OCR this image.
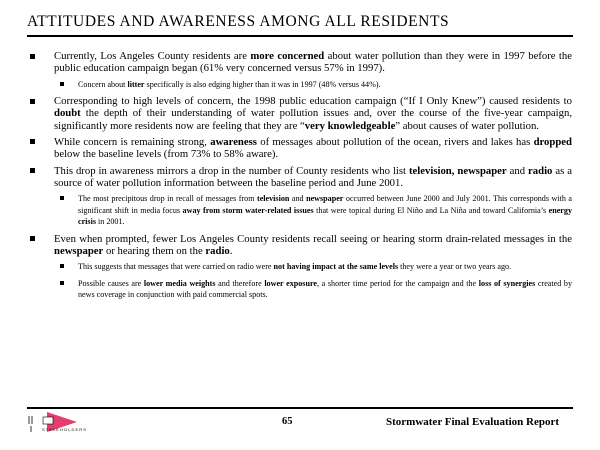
ATTITUDES AND AWARENESS AMONG ALL RESIDENTS
Currently, Los Angeles County residents are more concerned about water pollution than they were in 1997 before the public education campaign began (61% very concerned versus 57% in 1997).
Concern about litter specifically is also edging higher than it was in 1997 (48% versus 44%).
Corresponding to high levels of concern, the 1998 public education campaign (“If I Only Knew”) caused residents to doubt the depth of their understanding of water pollution issues and, over the course of the five-year campaign, significantly more residents now are feeling that they are “very knowledgeable” about causes of water pollution.
While concern is remaining strong, awareness of messages about pollution of the ocean, rivers and lakes has dropped below the baseline levels (from 73% to 58% aware).
This drop in awareness mirrors a drop in the number of County residents who list television, newspaper and radio as a source of water pollution information between the baseline period and June 2001.
The most precipitous drop in recall of messages from television and newspaper occurred between June 2000 and July 2001. This corresponds with a significant shift in media focus away from storm water-related issues that were topical during El Niño and La Niña and toward California’s energy crisis in 2001.
Even when prompted, fewer Los Angeles County residents recall seeing or hearing storm drain-related messages in the newspaper or hearing them on the radio.
This suggests that messages that were carried on radio were not having impact at the same levels they were a year or two years ago.
Possible causes are lower media weights and therefore lower exposure, a shorter time period for the campaign and the loss of synergies created by news coverage in conjunction with paid commercial spots.
S T A K E H O L D E R S
65	Stormwater Final Evaluation Report
